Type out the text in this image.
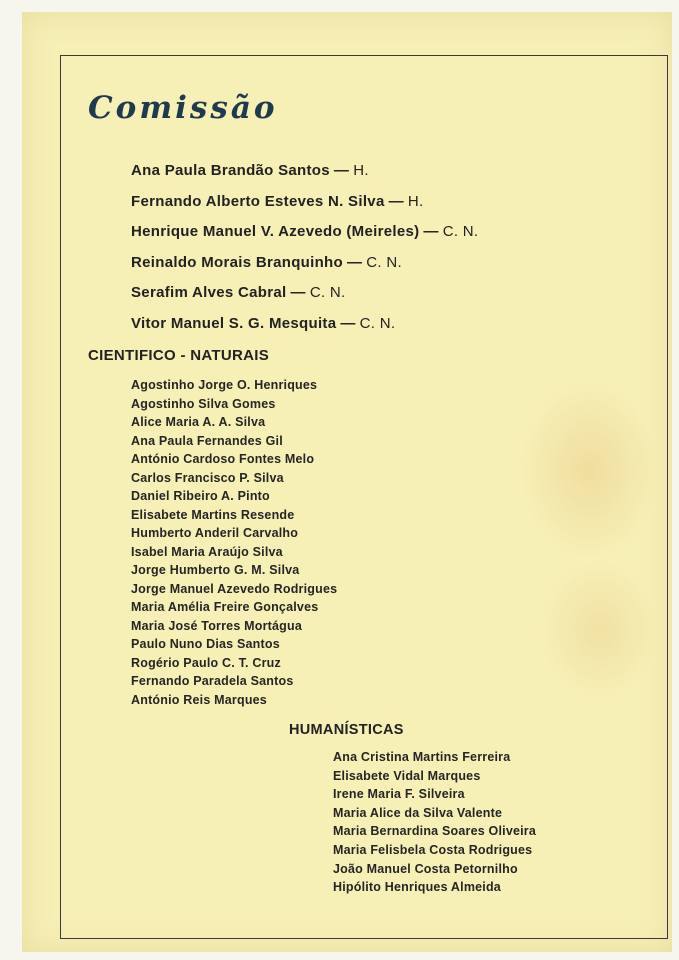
Comissão
Ana Paula Brandão Santos — H.
Fernando Alberto Esteves N. Silva — H.
Henrique Manuel V. Azevedo (Meireles) — C. N.
Reinaldo Morais Branquinho — C. N.
Serafim Alves Cabral — C. N.
Vitor Manuel S. G. Mesquita — C. N.
CIENTIFICO - NATURAIS
Agostinho Jorge O. Henriques
Agostinho Silva Gomes
Alice Maria A. A. Silva
Ana Paula Fernandes Gil
António Cardoso Fontes Melo
Carlos Francisco P. Silva
Daniel Ribeiro A. Pinto
Elisabete Martins Resende
Humberto Anderil Carvalho
Isabel Maria Araújo Silva
Jorge Humberto G. M. Silva
Jorge Manuel Azevedo Rodrigues
Maria Amélia Freire Gonçalves
Maria José Torres Mortágua
Paulo Nuno Dias Santos
Rogério Paulo C. T. Cruz
Fernando Paradela Santos
António Reis Marques
HUMANÍSTICAS
Ana Cristina Martins Ferreira
Elisabete Vidal Marques
Irene Maria F. Silveira
Maria Alice da Silva Valente
Maria Bernardina Soares Oliveira
Maria Felisbela Costa Rodrigues
João Manuel Costa Petornilho
Hipólito Henriques Almeida
